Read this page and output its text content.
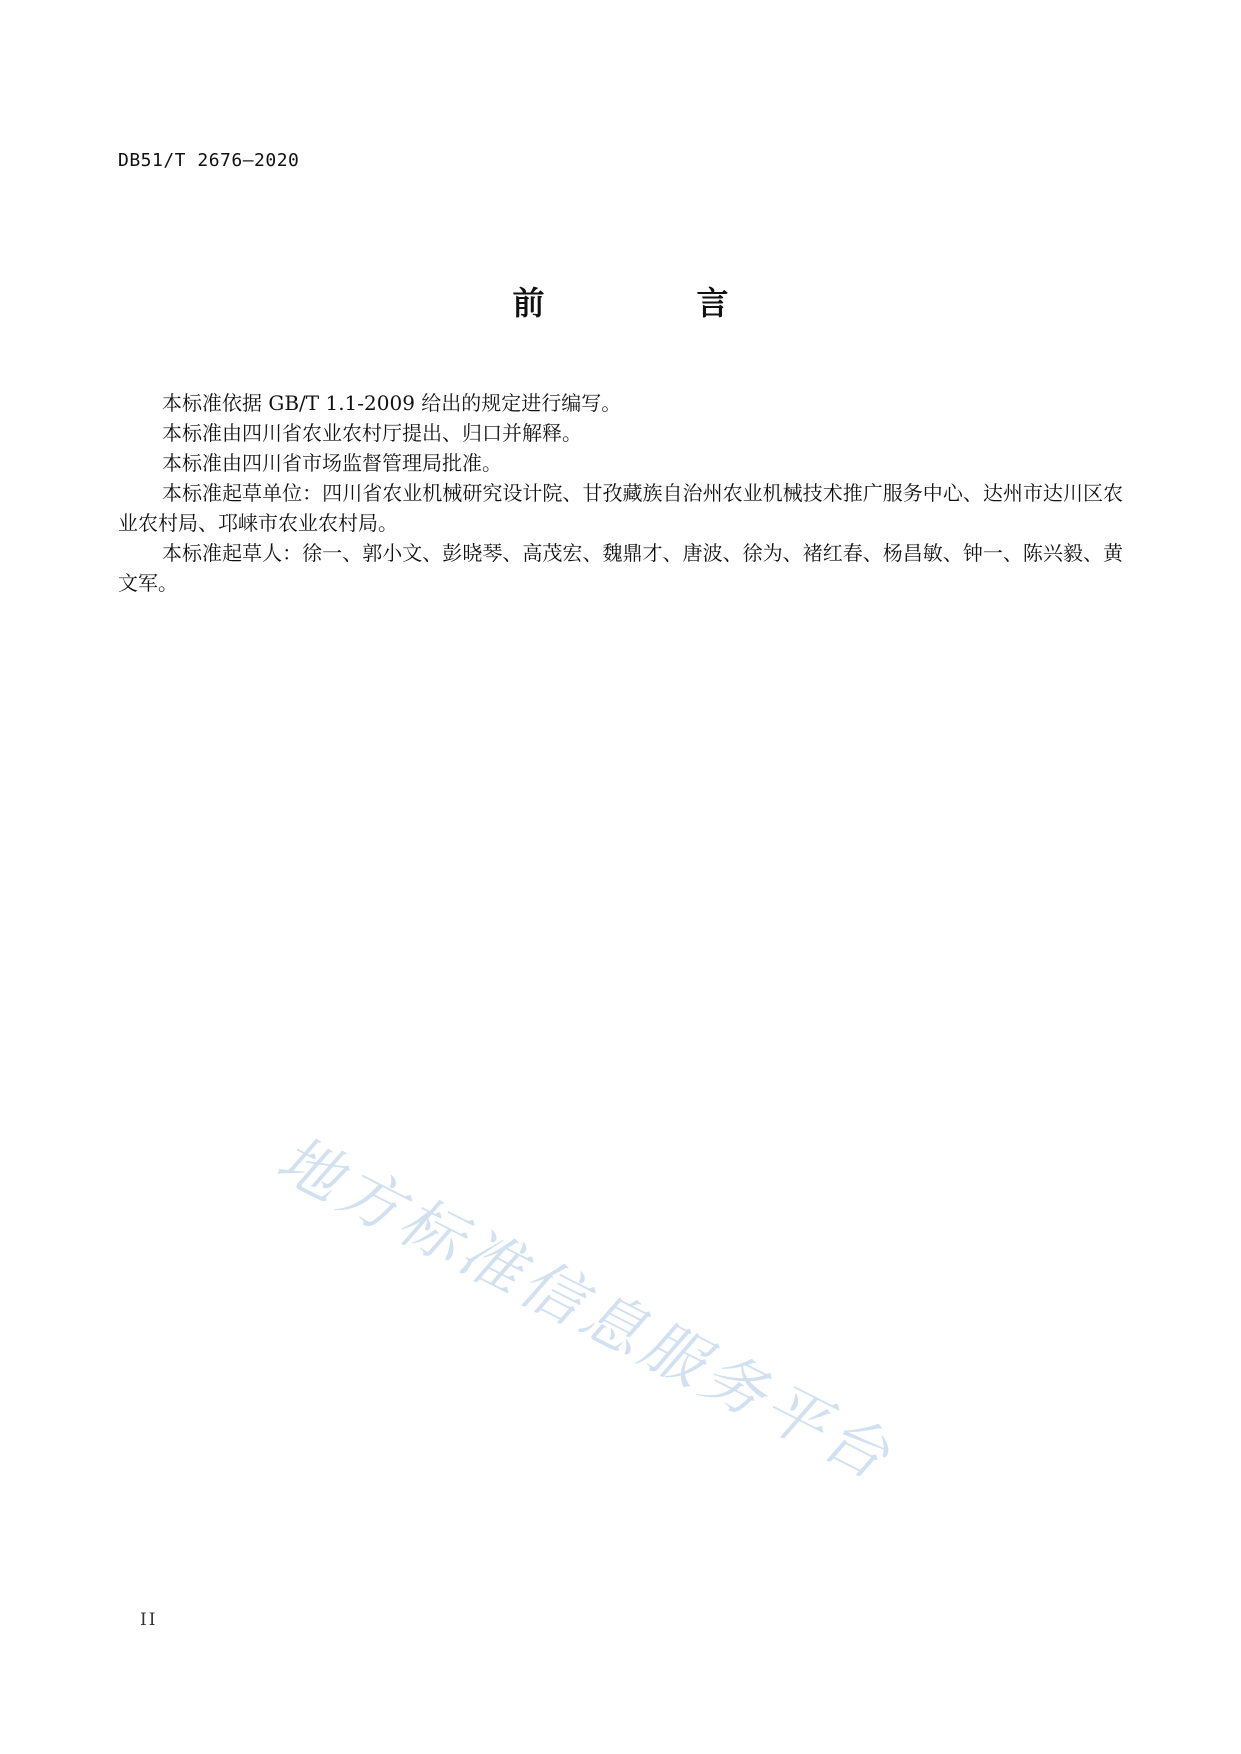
DB51/T 2676—2020
前　言

本标准依据 GB/T 1.1-2009 给出的规定进行编写。

本标准由四川省农业农村厅提出、归口并解释。

本标准由四川省市场监督管理局批准。

本标准起草单位：四川省农业机械研究设计院、甘孜藏族自治州农业机械技术推广服务中心、达州市达川区农业农村局、邛崃市农业农村局。

本标准起草人：徐一、郭小文、彭晓琴、高茂宏、魏鼎才、唐波、徐为、褚红春、杨昌敏、钟一、陈兴毅、黄文军。

地方标准信息服务平台
II
